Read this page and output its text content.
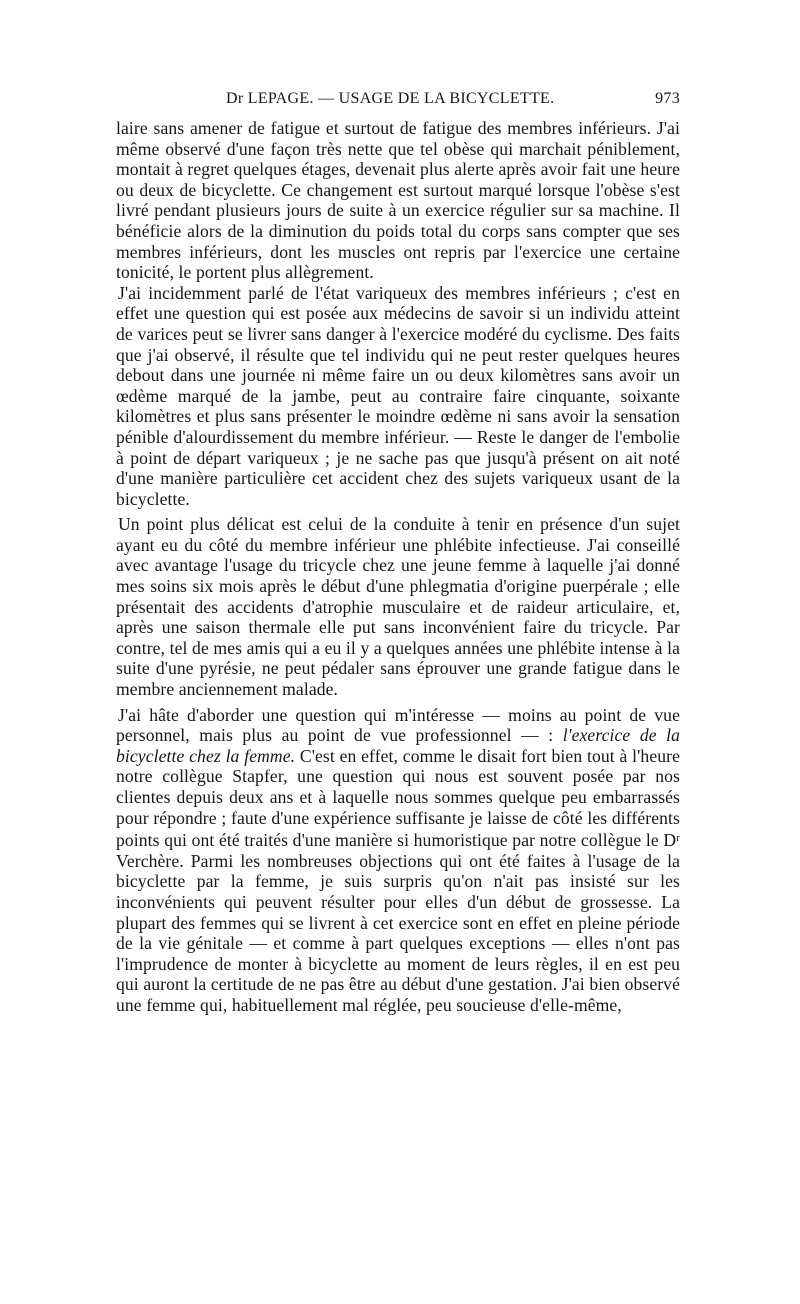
Dr LEPAGE. — USAGE DE LA BICYCLETTE.	973

laire sans amener de fatigue et surtout de fatigue des membres inférieurs. J'ai même observé d'une façon très nette que tel obèse qui marchait péniblement, montait à regret quelques étages, devenait plus alerte après avoir fait une heure ou deux de bicyclette. Ce changement est surtout marqué lorsque l'obèse s'est livré pendant plusieurs jours de suite à un exercice régulier sur sa machine. Il bénéficie alors de la diminution du poids total du corps sans compter que ses membres inférieurs, dont les muscles ont repris par l'exercice une certaine tonicité, le portent plus allègrement.

J'ai incidemment parlé de l'état variqueux des membres inférieurs ; c'est en effet une question qui est posée aux médecins de savoir si un individu atteint de varices peut se livrer sans danger à l'exercice modéré du cyclisme. Des faits que j'ai observé, il résulte que tel individu qui ne peut rester quelques heures debout dans une journée ni même faire un ou deux kilomètres sans avoir un œdème marqué de la jambe, peut au contraire faire cinquante, soixante kilomètres et plus sans présenter le moindre œdème ni sans avoir la sensation pénible d'alourdissement du membre inférieur. — Reste le danger de l'embolie à point de départ variqueux ; je ne sache pas que jusqu'à présent on ait noté d'une manière particulière cet accident chez des sujets variqueux usant de la bicyclette.

Un point plus délicat est celui de la conduite à tenir en présence d'un sujet ayant eu du côté du membre inférieur une phlébite infectieuse. J'ai conseillé avec avantage l'usage du tricycle chez une jeune femme à laquelle j'ai donné mes soins six mois après le début d'une phlegmatia d'origine puerpérale ; elle présentait des accidents d'atrophie musculaire et de raideur articulaire, et, après une saison thermale elle put sans inconvénient faire du tricycle. Par contre, tel de mes amis qui a eu il y a quelques années une phlébite intense à la suite d'une pyrésie, ne peut pédaler sans éprouver une grande fatigue dans le membre anciennement malade.

J'ai hâte d'aborder une question qui m'intéresse — moins au point de vue personnel, mais plus au point de vue professionnel — : l'exercice de la bicyclette chez la femme. C'est en effet, comme le disait fort bien tout à l'heure notre collègue Stapfer, une question qui nous est souvent posée par nos clientes depuis deux ans et à laquelle nous sommes quelque peu embarrassés pour répondre ; faute d'une expérience suffisante je laisse de côté les différents points qui ont été traités d'une manière si humoristique par notre collègue le $D^r$ Verchère. Parmi les nombreuses objections qui ont été faites à l'usage de la bicyclette par la femme, je suis surpris qu'on n'ait pas insisté sur les inconvénients qui peuvent résulter pour elles d'un début de grossesse. La plupart des femmes qui se livrent à cet exercice sont en effet en pleine période de la vie génitale — et comme à part quelques exceptions — elles n'ont pas l'imprudence de monter à bicyclette au moment de leurs règles, il en est peu qui auront la certitude de ne pas être au début d'une gestation. J'ai bien observé une femme qui, habituellement mal réglée, peu soucieuse d'elle-même,
